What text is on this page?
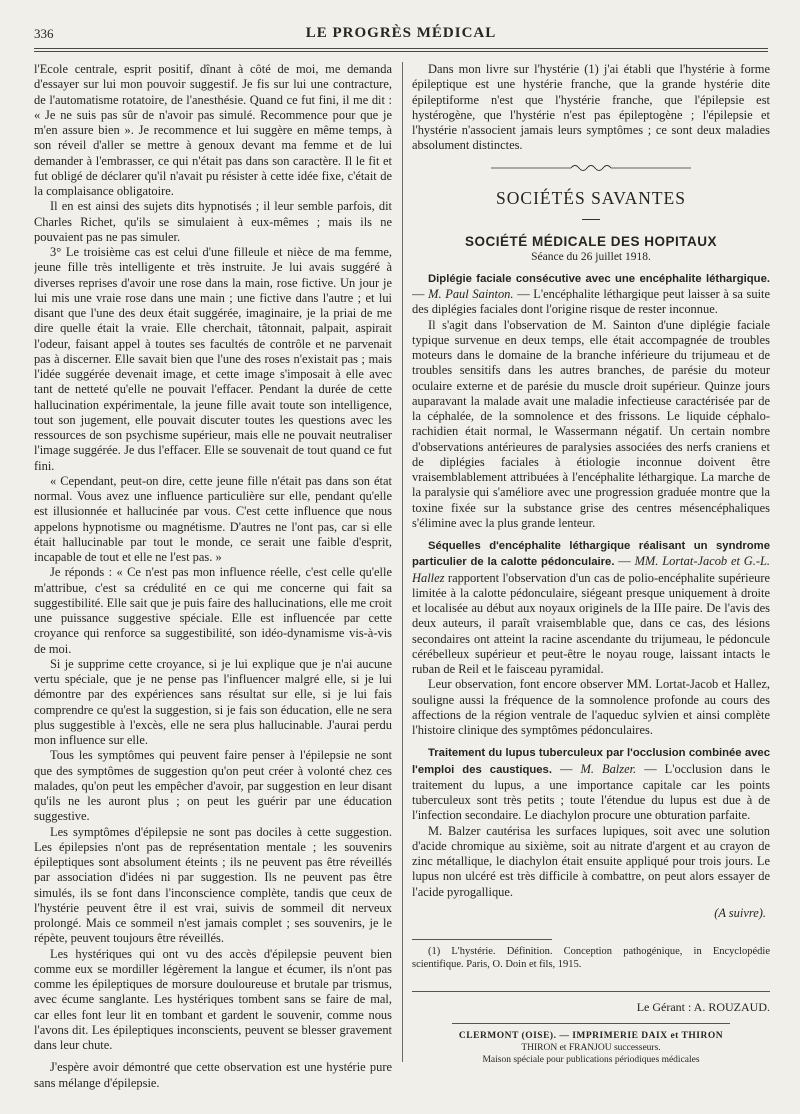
336	LE PROGRÈS MÉDICAL

l'Ecole centrale, esprit positif, dînant à côté de moi, me demanda d'essayer sur lui mon pouvoir suggestif. Je fis sur lui une contracture, de l'automatisme rotatoire, de l'anesthésie. Quand ce fut fini, il me dit : « Je ne suis pas sûr de n'avoir pas simulé. Recommence pour que je m'en assure bien ». Je recommence et lui suggère en même temps, à son réveil d'aller se mettre à genoux devant ma femme et de lui demander à l'embrasser, ce qui n'était pas dans son caractère. Il le fit et fut obligé de déclarer qu'il n'avait pu résister à cette idée fixe, c'était de la complaisance obligatoire.

Il en est ainsi des sujets dits hypnotisés ; il leur semble parfois, dit Charles Richet, qu'ils se simulaient à eux-mêmes ; mais ils ne pouvaient pas ne pas simuler.

3° Le troisième cas est celui d'une filleule et nièce de ma femme, jeune fille très intelligente et très instruite. Je lui avais suggéré à diverses reprises d'avoir une rose dans la main, rose fictive. Un jour je lui mis une vraie rose dans une main ; une fictive dans l'autre ; et lui disant que l'une des deux était suggérée, imaginaire, je la priai de me dire quelle était la vraie. Elle cherchait, tâtonnait, palpait, aspirait l'odeur, faisant appel à toutes ses facultés de contrôle et ne parvenait pas à discerner. Elle savait bien que l'une des roses n'existait pas ; mais l'idée suggérée devenait image, et cette image s'imposait à elle avec tant de netteté qu'elle ne pouvait l'effacer. Pendant la durée de cette hallucination expérimentale, la jeune fille avait toute son intelligence, tout son jugement, elle pouvait discuter toutes les questions avec les ressources de son psychisme supérieur, mais elle ne pouvait neutraliser l'image suggérée. Je dus l'effacer. Elle se souvenait de tout quand ce fut fini.

« Cependant, peut-on dire, cette jeune fille n'était pas dans son état normal. Vous avez une influence particulière sur elle, pendant qu'elle est illusionnée et hallucinée par vous. C'est cette influence que nous appelons hypnotisme ou magnétisme. D'autres ne l'ont pas, car si elle était hallucinable par tout le monde, ce serait une faible d'esprit, incapable de tout et elle ne l'est pas. »

Je réponds : « Ce n'est pas mon influence réelle, c'est celle qu'elle m'attribue, c'est sa crédulité en ce qui me concerne qui fait sa suggestibilité. Elle sait que je puis faire des hallucinations, elle me croit une puissance suggestive spéciale. Elle est influencée par cette croyance qui renforce sa suggestibilité, son idéo-dynamisme vis-à-vis de moi.

Si je supprime cette croyance, si je lui explique que je n'ai aucune vertu spéciale, que je ne pense pas l'influencer malgré elle, si je lui démontre par des expériences sans résultat sur elle, si je lui fais comprendre ce qu'est la suggestion, si je fais son éducation, elle ne sera plus suggestible à l'excès, elle ne sera plus hallucinable. J'aurai perdu mon influence sur elle.

Tous les symptômes qui peuvent faire penser à l'épilepsie ne sont que des symptômes de suggestion qu'on peut créer à volonté chez ces malades, qu'on peut les empêcher d'avoir, par suggestion en leur disant qu'ils ne les auront plus ; on peut les guérir par une éducation suggestive.

Les symptômes d'épilepsie ne sont pas dociles à cette suggestion. Les épilepsies n'ont pas de représentation mentale ; les souvenirs épileptiques sont absolument éteints ; ils ne peuvent pas être réveillés par association d'idées ni par suggestion. Ils ne peuvent pas être simulés, ils se font dans l'inconscience complète, tandis que ceux de l'hystérie peuvent être il est vrai, suivis de sommeil dit nerveux prolongé. Mais ce sommeil n'est jamais complet ; ses souvenirs, je le répète, peuvent toujours être réveillés.

Les hystériques qui ont vu des accès d'épilepsie peuvent bien comme eux se mordiller légèrement la langue et écumer, ils n'ont pas comme les épileptiques de morsure douloureuse et brutale par trismus, avec écume sanglante. Les hystériques tombent sans se faire de mal, car elles font leur lit en tombant et gardent le souvenir, comme nous l'avons dit. Les épileptiques inconscients, peuvent se blesser gravement dans leur chute.

J'espère avoir démontré que cette observation est une hystérie pure sans mélange d'épilepsie.

Dans mon livre sur l'hystérie (1) j'ai établi que l'hystérie à forme épileptique est une hystérie franche, que la grande hystérie dite épileptiforme n'est que l'hystérie franche, que l'épilepsie est hystérogène, que l'hystérie n'est pas épileptogène ; l'épilepsie et l'hystérie n'associent jamais leurs symptômes ; ce sont deux maladies absolument distinctes.

SOCIÉTÉS SAVANTES
SOCIÉTÉ MÉDICALE DES HOPITAUX
Séance du 26 juillet 1918.

Diplégie faciale consécutive avec une encéphalite léthargique. — M. Paul Sainton. — L'encéphalite léthargique peut laisser à sa suite des diplégies faciales dont l'origine risque de rester inconnue.

Il s'agit dans l'observation de M. Sainton d'une diplégie faciale typique survenue en deux temps, elle était accompagnée de troubles moteurs dans le domaine de la branche inférieure du trijumeau et de troubles sensitifs dans les autres branches, de parésie du moteur oculaire externe et de parésie du muscle droit supérieur. Quinze jours auparavant la malade avait une maladie infectieuse caractérisée par de la céphalée, de la somnolence et des frissons. Le liquide céphalo-rachidien était normal, le Wassermann négatif. Un certain nombre d'observations antérieures de paralysies associées des nerfs craniens et de diplégies faciales à étiologie inconnue doivent être vraisemblablement attribuées à l'encéphalite léthargique. La marche de la paralysie qui s'améliore avec une progression graduée montre que la toxine fixée sur la substance grise des centres mésencéphaliques s'élimine avec la plus grande lenteur.

Séquelles d'encéphalite léthargique réalisant un syndrome particulier de la calotte pédonculaire. — MM. Lortat-Jacob et G.-L. Hallez rapportent l'observation d'un cas de polio-encéphalite supérieure limitée à la calotte pédonculaire, siégeant presque uniquement à droite et localisée au début aux noyaux originels de la IIIe paire. De l'avis des deux auteurs, il paraît vraisemblable que, dans ce cas, des lésions secondaires ont atteint la racine ascendante du trijumeau, le pédoncule cérébelleux supérieur et peut-être le noyau rouge, laissant intacts le ruban de Reil et le faisceau pyramidal.

Leur observation, font encore observer MM. Lortat-Jacob et Hallez, souligne aussi la fréquence de la somnolence profonde au cours des affections de la région ventrale de l'aqueduc sylvien et ainsi complète l'histoire clinique des symptômes pédonculaires.

Traitement du lupus tuberculeux par l'occlusion combinée avec l'emploi des caustiques. — M. Balzer. — L'occlusion dans le traitement du lupus, a une importance capitale car les points tuberculeux sont très petits ; toute l'étendue du lupus est due à de l'infection secondaire. Le diachylon procure une obturation parfaite.

M. Balzer cautérisa les surfaces lupiques, soit avec une solution d'acide chromique au sixième, soit au nitrate d'argent et au crayon de zinc métallique, le diachylon était ensuite appliqué pour trois jours. Le lupus non ulcéré est très difficile à combattre, on peut alors essayer de l'acide pyrogallique.

(A suivre).

(1) L'hystérie. Définition. Conception pathogénique, in Encyclopédie scientifique. Paris, O. Doin et fils, 1915.

Le Gérant : A. ROUZAUD.
CLERMONT (OISE). — IMPRIMERIE DAIX et THIRON
THIRON et FRANJOU successeurs.
Maison spéciale pour publications périodiques médicales
